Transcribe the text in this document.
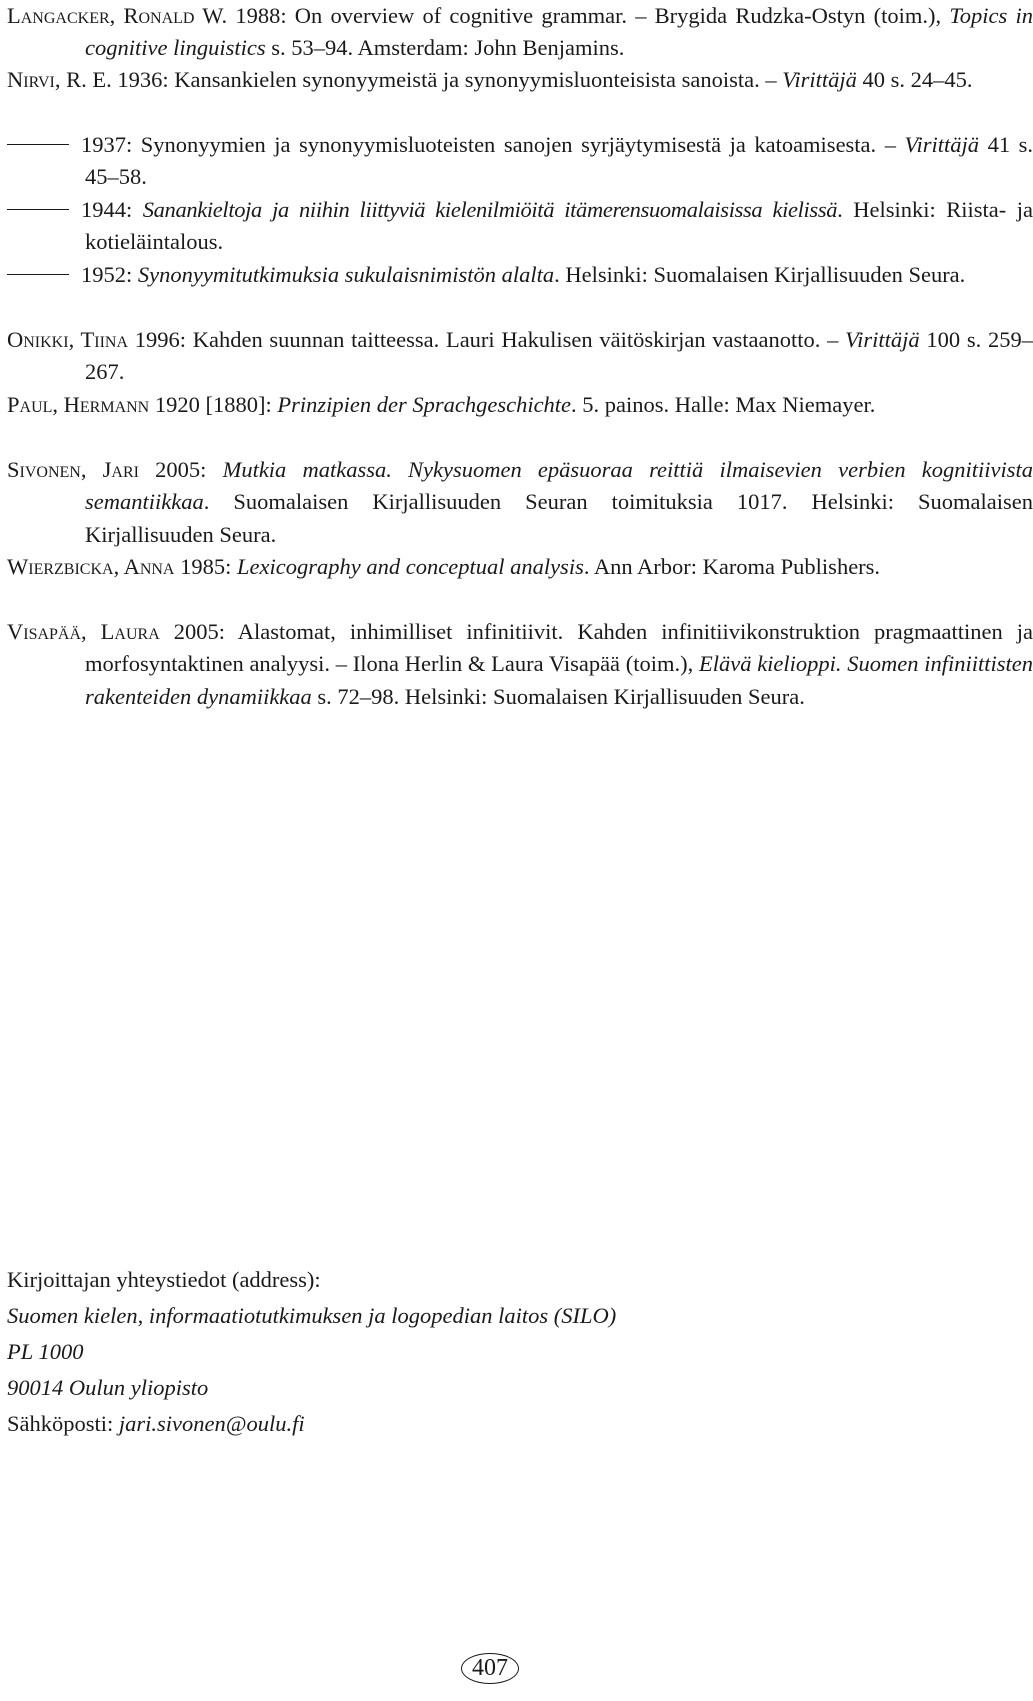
Langacker, Ronald W. 1988: On overview of cognitive grammar. – Brygida Rudzka-Ostyn (toim.), Topics in cognitive linguistics s. 53–94. Amsterdam: John Benjamins.
Nirvi, R. E. 1936: Kansankielen synonyymeistä ja synonyymisluonteisista sanoista. – Virittäjä 40 s. 24–45.
1937: Synonyymien ja synonyymisluoteisten sanojen syrjäytymisestä ja katoamisesta. – Virittäjä 41 s. 45–58.
1944: Sanankieltoja ja niihin liittyviä kielenilmiöitä itämerensuomalaisissa kielissä. Helsinki: Riista- ja kotieläintalous.
1952: Synonyymitutkimuksia sukulaisnimistön alalta. Helsinki: Suomalaisen Kirjallisuuden Seura.
Onikki, Tiina 1996: Kahden suunnan taitteessa. Lauri Hakulisen väitöskirjan vastaanotto. – Virittäjä 100 s. 259–267.
Paul, Hermann 1920 [1880]: Prinzipien der Sprachgeschichte. 5. painos. Halle: Max Niemayer.
Sivonen, Jari 2005: Mutkia matkassa. Nykysuomen epäsuoraa reittiä ilmaisevien verbien kognitiivista semantiikkaa. Suomalaisen Kirjallisuuden Seuran toimituksia 1017. Helsinki: Suomalaisen Kirjallisuuden Seura.
Wierzbicka, Anna 1985: Lexicography and conceptual analysis. Ann Arbor: Karoma Publishers.
Visapää, Laura 2005: Alastomat, inhimilliset infinitiivit. Kahden infinitiivikonstruktion pragmaattinen ja morfosyntaktinen analyysi. – Ilona Herlin & Laura Visapää (toim.), Elävä kielioppi. Suomen infiniittisten rakenteiden dynamiikkaa s. 72–98. Helsinki: Suomalaisen Kirjallisuuden Seura.
Kirjoittajan yhteystiedot (address):
Suomen kielen, informaatiotutkimuksen ja logopedian laitos (SILO)
PL 1000
90014 Oulun yliopisto
Sähköposti: jari.sivonen@oulu.fi
407
